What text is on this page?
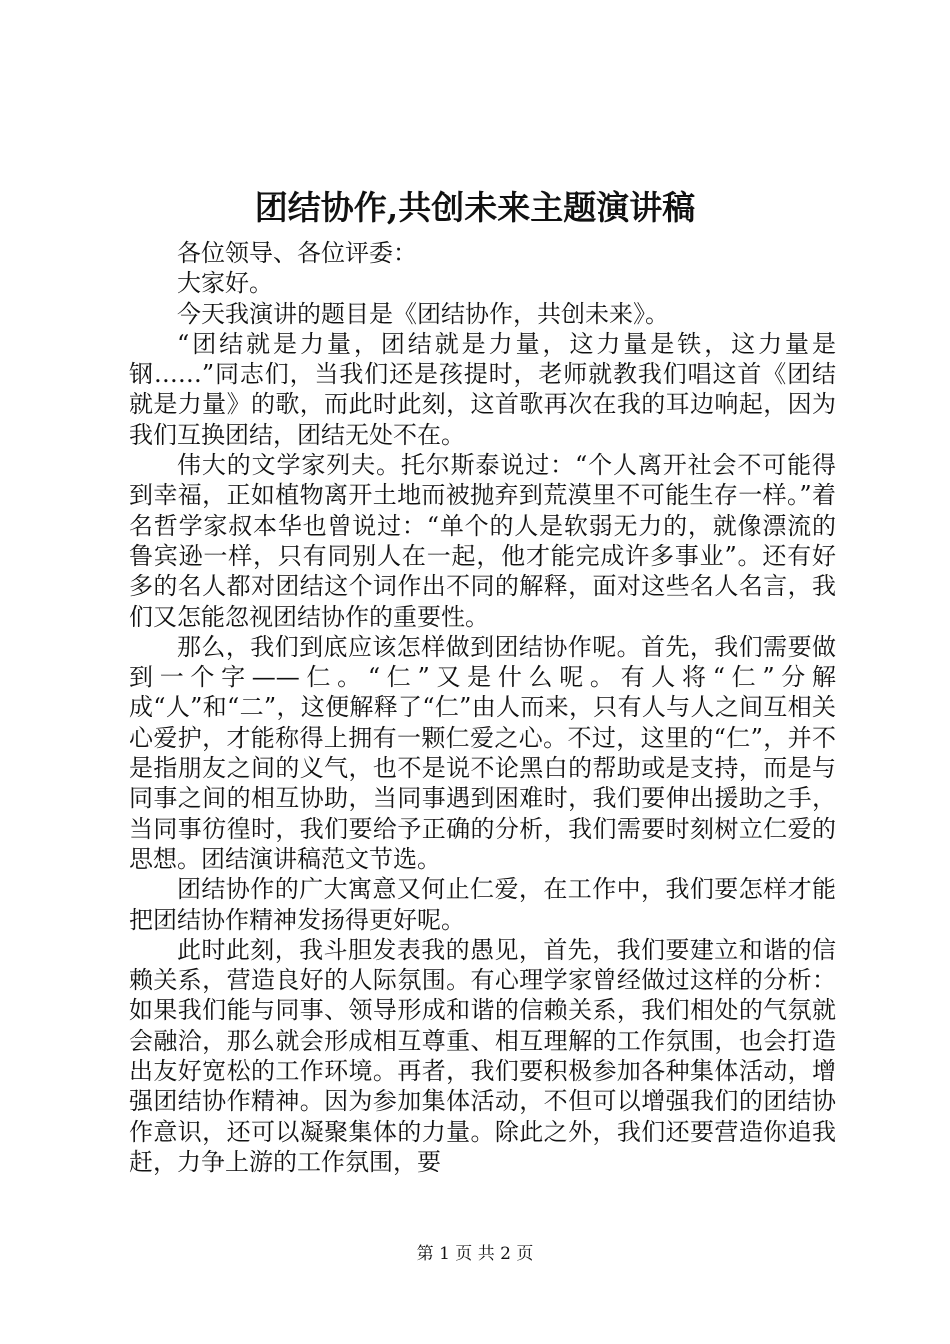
团结协作,共创未来主题演讲稿

各位领导、各位评委：

大家好。

今天我演讲的题目是《团结协作，共创未来》。

“团结就是力量，团结就是力量，这力量是铁，这力量是钢……”同志们，当我们还是孩提时，老师就教我们唱这首《团结就是力量》的歌，而此时此刻，这首歌再次在我的耳边响起，因为我们互换团结，团结无处不在。

伟大的文学家列夫。托尔斯泰说过：“个人离开社会不可能得到幸福，正如植物离开土地而被抛弃到荒漠里不可能生存一样。”着名哲学家叔本华也曾说过：“单个的人是软弱无力的，就像漂流的鲁宾逊一样，只有同别人在一起，他才能完成许多事业”。还有好多的名人都对团结这个词作出不同的解释，面对这些名人名言，我们又怎能忽视团结协作的重要性。

那么，我们到底应该怎样做到团结协作呢。首先，我们需要做到一个字——仁。“仁”又是什么呢。有人将“仁”分解成“人”和“二”，这便解释了“仁”由人而来，只有人与人之间互相关心爱护，才能称得上拥有一颗仁爱之心。不过，这里的“仁”，并不是指朋友之间的义气，也不是说不论黑白的帮助或是支持，而是与同事之间的相互协助，当同事遇到困难时，我们要伸出援助之手，当同事彷徨时，我们要给予正确的分析，我们需要时刻树立仁爱的思想。团结演讲稿范文节选。

团结协作的广大寓意又何止仁爱，在工作中，我们要怎样才能把团结协作精神发扬得更好呢。

此时此刻，我斗胆发表我的愚见，首先，我们要建立和谐的信赖关系，营造良好的人际氛围。有心理学家曾经做过这样的分析：如果我们能与同事、领导形成和谐的信赖关系，我们相处的气氛就会融洽，那么就会形成相互尊重、相互理解的工作氛围，也会打造出友好宽松的工作环境。再者，我们要积极参加各种集体活动，增强团结协作精神。因为参加集体活动，不但可以增强我们的团结协作意识，还可以凝聚集体的力量。除此之外，我们还要营造你追我赶，力争上游的工作氛围，要

第 1 页 共 2 页
